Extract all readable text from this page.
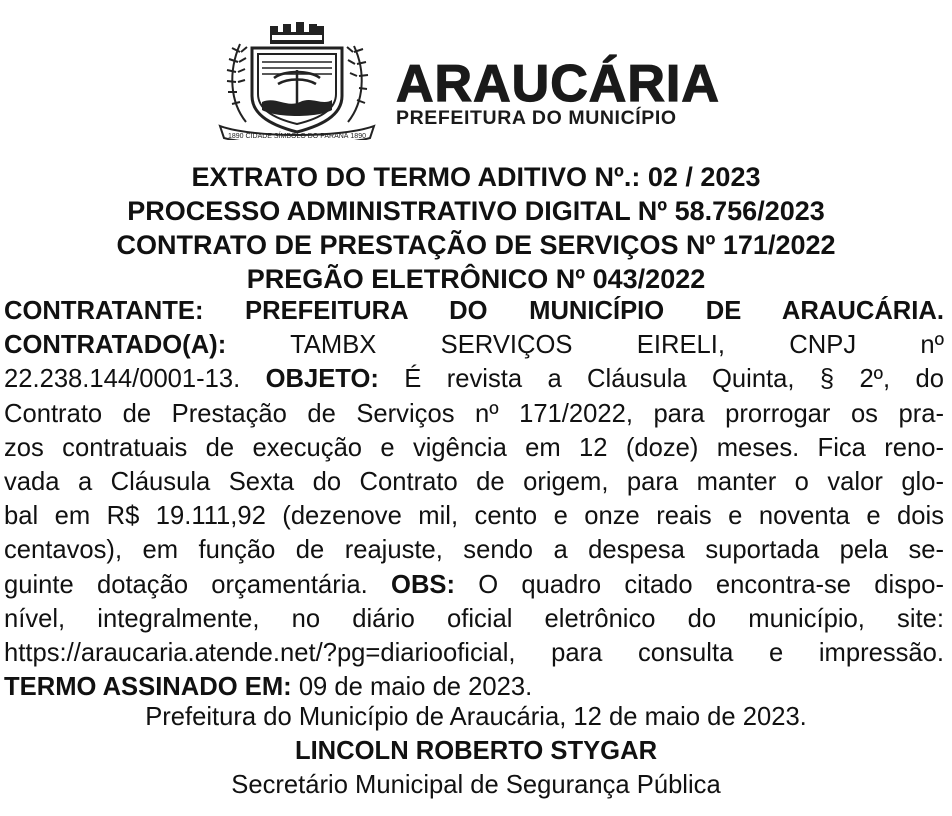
1890 CIDADE SÍMBOLO DO PARANÁ 1890
ARAUCÁRIA
PREFEITURA DO MUNICÍPIO
EXTRATO DO TERMO ADITIVO Nº.: 02 / 2023
PROCESSO ADMINISTRATIVO DIGITAL Nº 58.756/2023
CONTRATO DE PRESTAÇÃO DE SERVIÇOS Nº 171/2022
PREGÃO ELETRÔNICO Nº 043/2022

CONTRATANTE: PREFEITURA DO MUNICÍPIO DE ARAUCÁRIA.

CONTRATADO(A): TAMBX SERVIÇOS EIRELI, CNPJ nº

22.238.144/0001-13. OBJETO: É revista a Cláusula Quinta, § 2º, do

Contrato de Prestação de Serviços nº 171/2022, para prorrogar os pra-

zos contratuais de execução e vigência em 12 (doze) meses. Fica reno-

vada a Cláusula Sexta do Contrato de origem, para manter o valor glo-

bal em R$ 19.111,92 (dezenove mil, cento e onze reais e noventa e dois

centavos), em função de reajuste, sendo a despesa suportada pela se-

guinte dotação orçamentária. OBS: O quadro citado encontra-se dispo-

nível, integralmente, no diário oficial eletrônico do município, site:

https://araucaria.atende.net/?pg=diariooficial, para consulta e impressão.

TERMO ASSINADO EM: 09 de maio de 2023.

Prefeitura do Município de Araucária, 12 de maio de 2023.
LINCOLN ROBERTO STYGAR
Secretário Municipal de Segurança Pública
